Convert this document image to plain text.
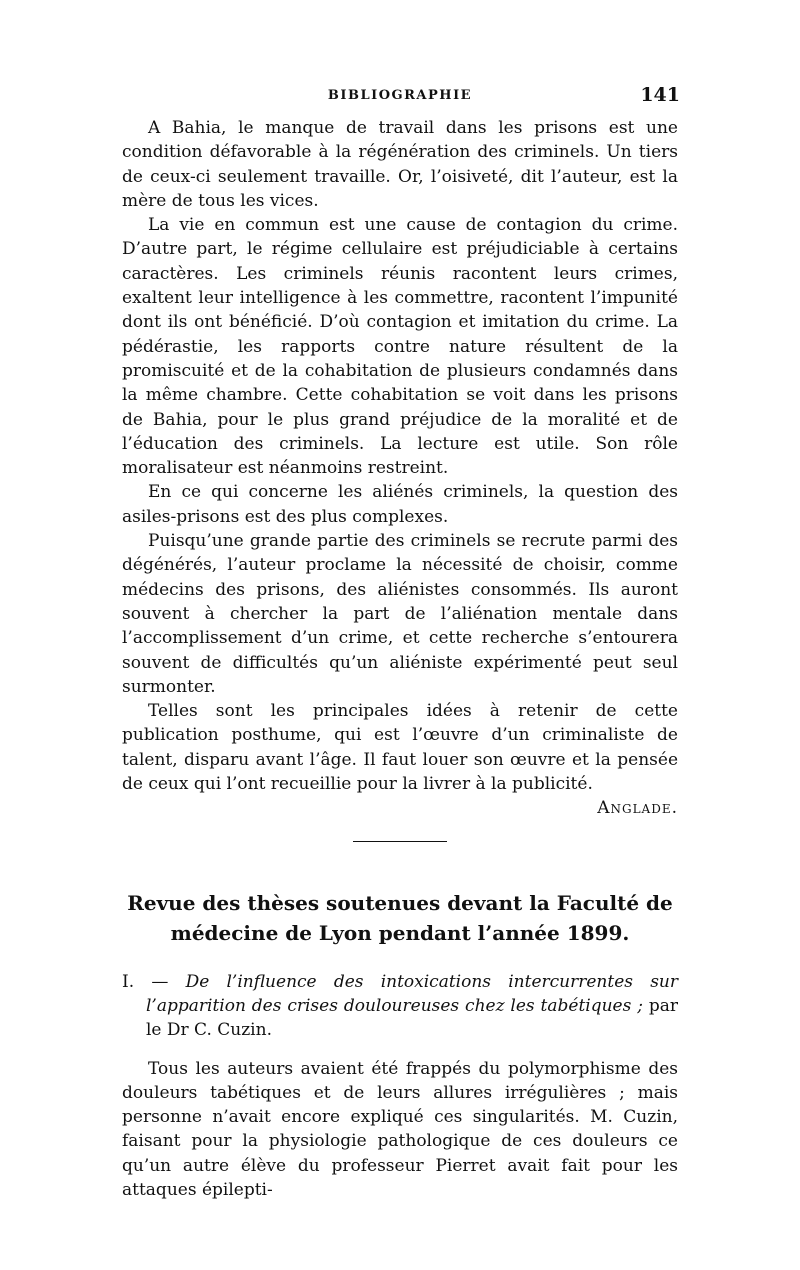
BIBLIOGRAPHIE	141

A Bahia, le manque de travail dans les prisons est une condition défavorable à la régénération des criminels. Un tiers de ceux-ci seulement travaille. Or, l’oisiveté, dit l’auteur, est la mère de tous les vices.

La vie en commun est une cause de contagion du crime. D’autre part, le régime cellulaire est préjudiciable à certains caractères. Les criminels réunis racontent leurs crimes, exaltent leur intelligence à les commettre, racontent l’impunité dont ils ont bénéficié. D’où contagion et imitation du crime. La pédérastie, les rapports contre nature résultent de la promiscuité et de la cohabitation de plusieurs condamnés dans la même chambre. Cette cohabitation se voit dans les prisons de Bahia, pour le plus grand préjudice de la moralité et de l’éducation des criminels. La lecture est utile. Son rôle moralisateur est néanmoins restreint.

En ce qui concerne les aliénés criminels, la question des asiles-prisons est des plus complexes.

Puisqu’une grande partie des criminels se recrute parmi des dégénérés, l’auteur proclame la nécessité de choisir, comme médecins des prisons, des aliénistes consommés. Ils auront souvent à chercher la part de l’aliénation mentale dans l’accomplissement d’un crime, et cette recherche s’entourera souvent de difficultés qu’un aliéniste expérimenté peut seul surmonter.

Telles sont les principales idées à retenir de cette publication posthume, qui est l’œuvre d’un criminaliste de talent, disparu avant l’âge. Il faut louer son œuvre et la pensée de ceux qui l’ont recueillie pour la livrer à la publicité.

Anglade.

Revue des thèses soutenues devant la Faculté de médecine de Lyon pendant l’année 1899.
I. — De l’influence des intoxications intercurrentes sur l’apparition des crises douloureuses chez les tabétiques ; par le Dr C. Cuzin.

Tous les auteurs avaient été frappés du polymorphisme des douleurs tabétiques et de leurs allures irrégulières ; mais personne n’avait encore expliqué ces singularités. M. Cuzin, faisant pour la physiologie pathologique de ces douleurs ce qu’un autre élève du professeur Pierret avait fait pour les attaques épilepti-
